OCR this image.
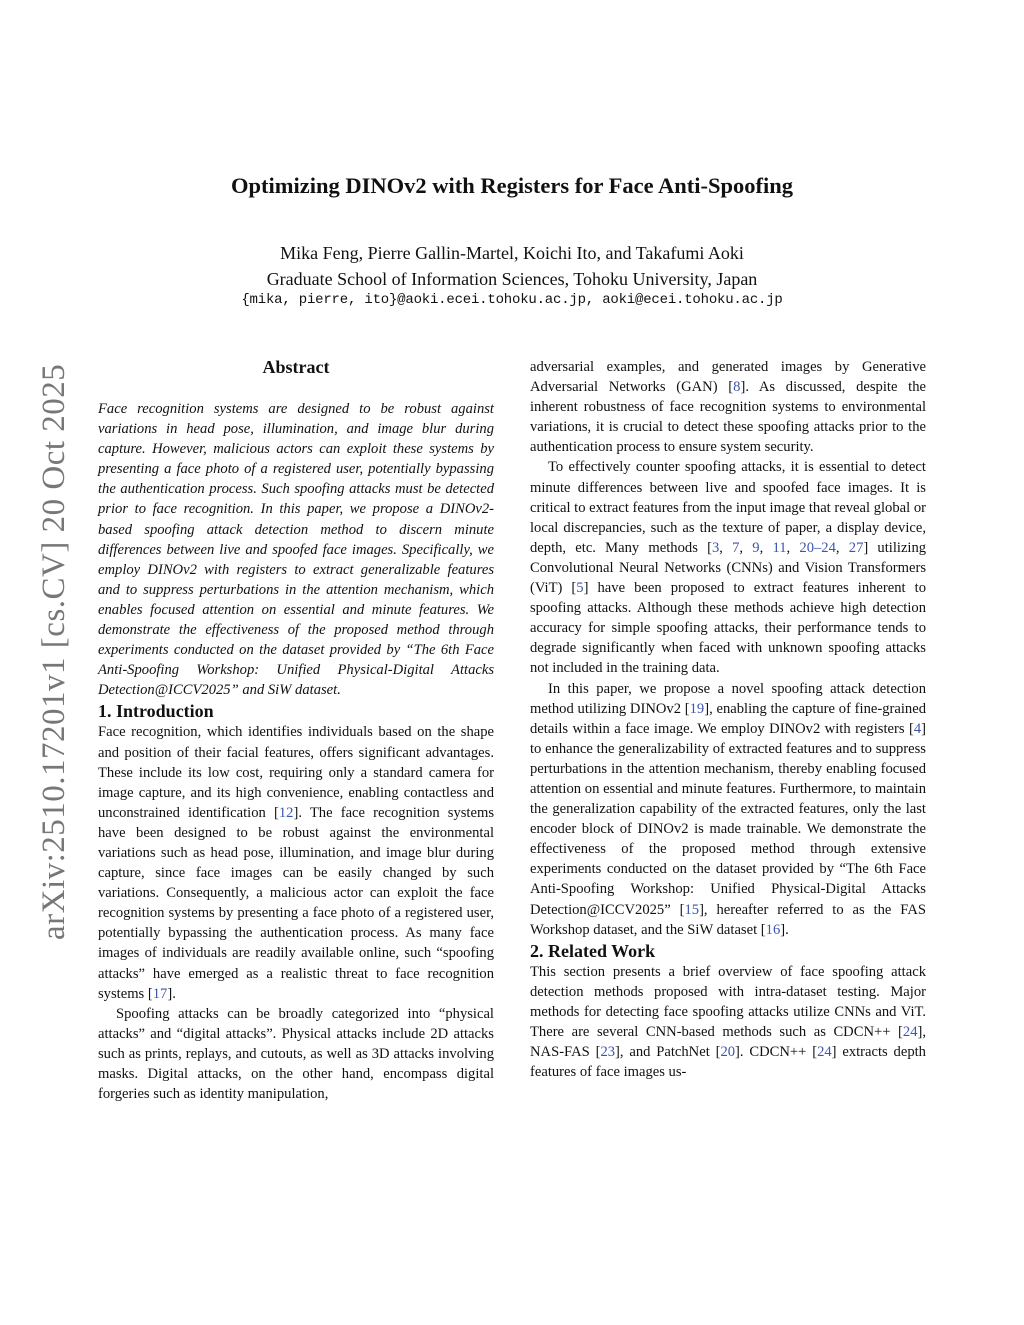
arXiv:2510.17201v1 [cs.CV] 20 Oct 2025
Optimizing DINOv2 with Registers for Face Anti-Spoofing
Mika Feng, Pierre Gallin-Martel, Koichi Ito, and Takafumi Aoki
Graduate School of Information Sciences, Tohoku University, Japan
{mika, pierre, ito}@aoki.ecei.tohoku.ac.jp, aoki@ecei.tohoku.ac.jp
Abstract

Face recognition systems are designed to be robust against variations in head pose, illumination, and image blur during capture. However, malicious actors can exploit these systems by presenting a face photo of a registered user, potentially bypassing the authentication process. Such spoofing attacks must be detected prior to face recognition. In this paper, we propose a DINOv2-based spoofing attack detection method to discern minute differences between live and spoofed face images. Specifically, we employ DINOv2 with registers to extract generalizable features and to suppress perturbations in the attention mechanism, which enables focused attention on essential and minute features. We demonstrate the effectiveness of the proposed method through experiments conducted on the dataset provided by “The 6th Face Anti-Spoofing Workshop: Unified Physical-Digital Attacks Detection@ICCV2025” and SiW dataset.

1. Introduction

Face recognition, which identifies individuals based on the shape and position of their facial features, offers significant advantages. These include its low cost, requiring only a standard camera for image capture, and its high convenience, enabling contactless and unconstrained identification [12]. The face recognition systems have been designed to be robust against the environmental variations such as head pose, illumination, and image blur during capture, since face images can be easily changed by such variations. Consequently, a malicious actor can exploit the face recognition systems by presenting a face photo of a registered user, potentially bypassing the authentication process. As many face images of individuals are readily available online, such “spoofing attacks” have emerged as a realistic threat to face recognition systems [17].

Spoofing attacks can be broadly categorized into “physical attacks” and “digital attacks”. Physical attacks include 2D attacks such as prints, replays, and cutouts, as well as 3D attacks involving masks. Digital attacks, on the other hand, encompass digital forgeries such as identity manipulation,

adversarial examples, and generated images by Generative Adversarial Networks (GAN) [8]. As discussed, despite the inherent robustness of face recognition systems to environmental variations, it is crucial to detect these spoofing attacks prior to the authentication process to ensure system security.

To effectively counter spoofing attacks, it is essential to detect minute differences between live and spoofed face images. It is critical to extract features from the input image that reveal global or local discrepancies, such as the texture of paper, a display device, depth, etc. Many methods [3, 7, 9, 11, 20–24, 27] utilizing Convolutional Neural Networks (CNNs) and Vision Transformers (ViT) [5] have been proposed to extract features inherent to spoofing attacks. Although these methods achieve high detection accuracy for simple spoofing attacks, their performance tends to degrade significantly when faced with unknown spoofing attacks not included in the training data.

In this paper, we propose a novel spoofing attack detection method utilizing DINOv2 [19], enabling the capture of fine-grained details within a face image. We employ DINOv2 with registers [4] to enhance the generalizability of extracted features and to suppress perturbations in the attention mechanism, thereby enabling focused attention on essential and minute features. Furthermore, to maintain the generalization capability of the extracted features, only the last encoder block of DINOv2 is made trainable. We demonstrate the effectiveness of the proposed method through extensive experiments conducted on the dataset provided by “The 6th Face Anti-Spoofing Workshop: Unified Physical-Digital Attacks Detection@ICCV2025” [15], hereafter referred to as the FAS Workshop dataset, and the SiW dataset [16].

2. Related Work

This section presents a brief overview of face spoofing attack detection methods proposed with intra-dataset testing. Major methods for detecting face spoofing attacks utilize CNNs and ViT. There are several CNN-based methods such as CDCN++ [24], NAS-FAS [23], and PatchNet [20]. CDCN++ [24] extracts depth features of face images us-
